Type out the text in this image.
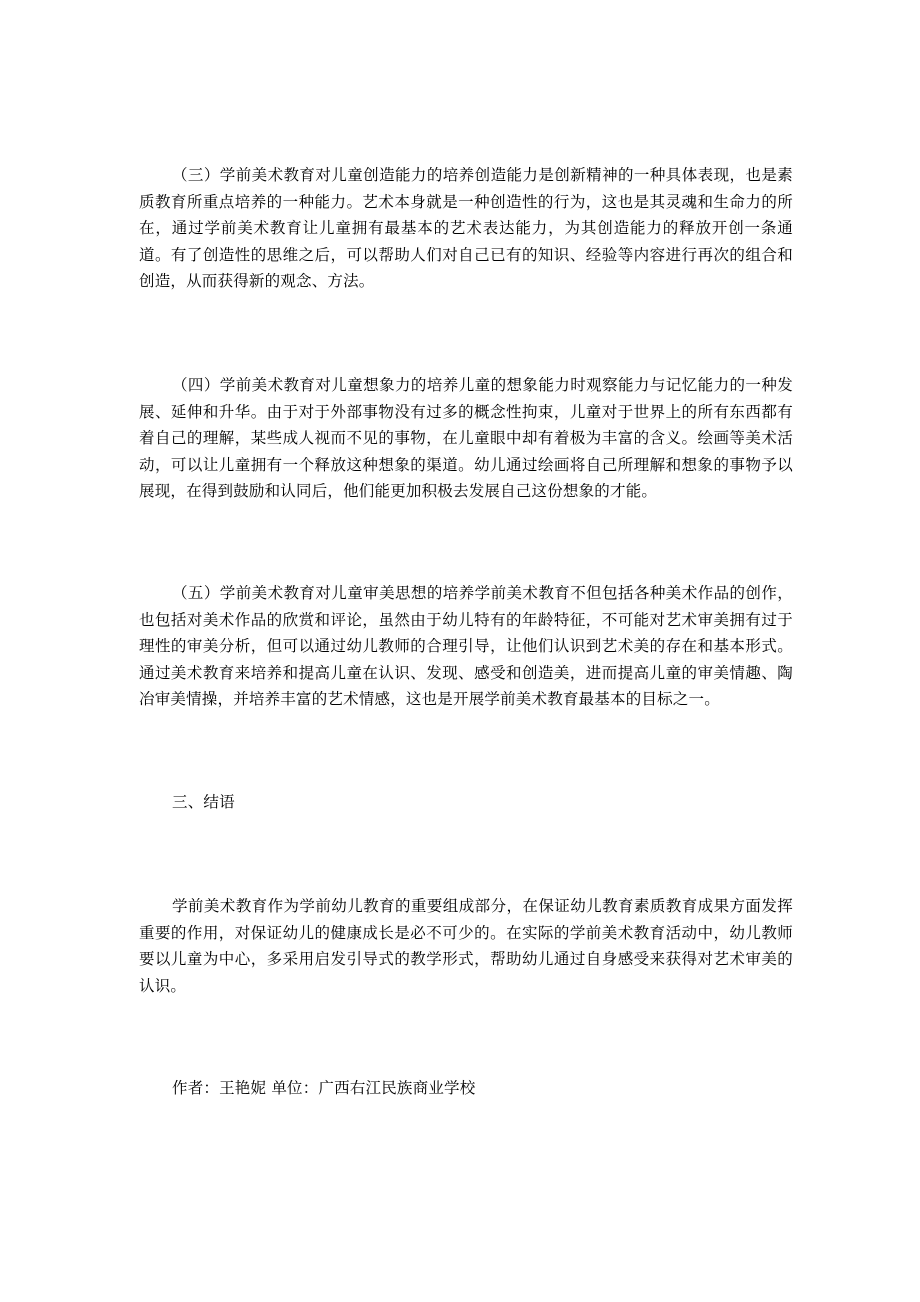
（三）学前美术教育对儿童创造能力的培养创造能力是创新精神的一种具体表现，也是素质教育所重点培养的一种能力。艺术本身就是一种创造性的行为，这也是其灵魂和生命力的所在，通过学前美术教育让儿童拥有最基本的艺术表达能力，为其创造能力的释放开创一条通道。有了创造性的思维之后，可以帮助人们对自己已有的知识、经验等内容进行再次的组合和创造，从而获得新的观念、方法。

（四）学前美术教育对儿童想象力的培养儿童的想象能力时观察能力与记忆能力的一种发展、延伸和升华。由于对于外部事物没有过多的概念性拘束，儿童对于世界上的所有东西都有着自己的理解，某些成人视而不见的事物，在儿童眼中却有着极为丰富的含义。绘画等美术活动，可以让儿童拥有一个释放这种想象的渠道。幼儿通过绘画将自己所理解和想象的事物予以展现，在得到鼓励和认同后，他们能更加积极去发展自己这份想象的才能。

（五）学前美术教育对儿童审美思想的培养学前美术教育不但包括各种美术作品的创作，也包括对美术作品的欣赏和评论，虽然由于幼儿特有的年龄特征，不可能对艺术审美拥有过于理性的审美分析，但可以通过幼儿教师的合理引导，让他们认识到艺术美的存在和基本形式。通过美术教育来培养和提高儿童在认识、发现、感受和创造美，进而提高儿童的审美情趣、陶冶审美情操，并培养丰富的艺术情感，这也是开展学前美术教育最基本的目标之一。

三、结语

学前美术教育作为学前幼儿教育的重要组成部分，在保证幼儿教育素质教育成果方面发挥重要的作用，对保证幼儿的健康成长是必不可少的。在实际的学前美术教育活动中，幼儿教师要以儿童为中心，多采用启发引导式的教学形式，帮助幼儿通过自身感受来获得对艺术审美的认识。

作者：王艳妮 单位：广西右江民族商业学校
